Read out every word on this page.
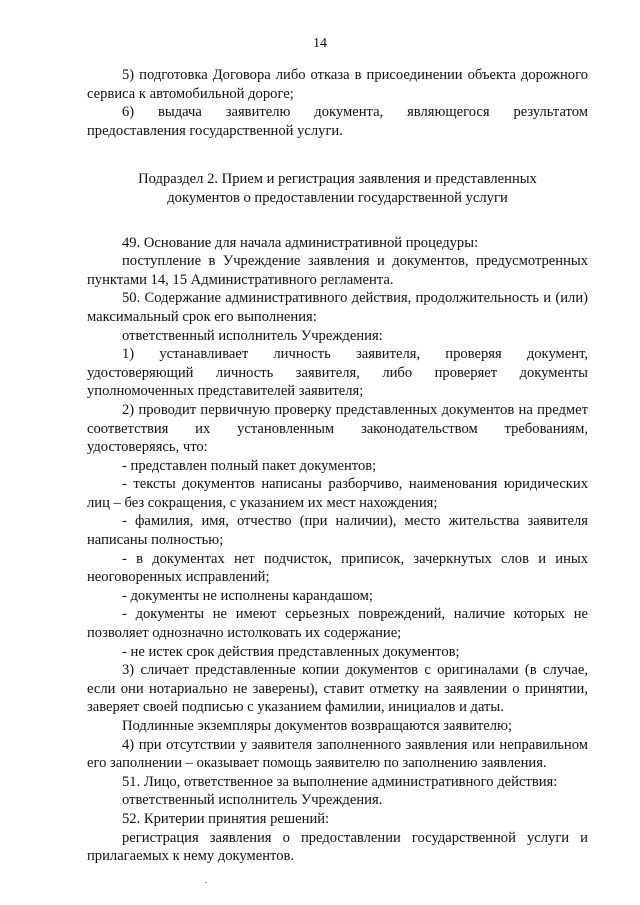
14

5) подготовка Договора либо отказа в присоединении объекта дорожного сервиса к автомобильной дороге;

6) выдача заявителю документа, являющегося результатом предоставления государственной услуги.

Подраздел 2. Прием и регистрация заявления и представленных документов о предоставлении государственной услуги

49. Основание для начала административной процедуры:

поступление в Учреждение заявления и документов, предусмотренных пунктами 14, 15 Административного регламента.

50. Содержание административного действия, продолжительность и (или) максимальный срок его выполнения:

ответственный исполнитель Учреждения:

1) устанавливает личность заявителя, проверяя документ, удостоверяющий личность заявителя, либо проверяет документы уполномоченных представителей заявителя;

2) проводит первичную проверку представленных документов на предмет соответствия их установленным законодательством требованиям, удостоверяясь, что:

- представлен полный пакет документов;

- тексты документов написаны разборчиво, наименования юридических лиц – без сокращения, с указанием их мест нахождения;

- фамилия, имя, отчество (при наличии), место жительства заявителя написаны полностью;

- в документах нет подчисток, приписок, зачеркнутых слов и иных неоговоренных исправлений;

- документы не исполнены карандашом;

- документы не имеют серьезных повреждений, наличие которых не позволяет однозначно истолковать их содержание;

- не истек срок действия представленных документов;

3) сличает представленные копии документов с оригиналами (в случае, если они нотариально не заверены), ставит отметку на заявлении о принятии, заверяет своей подписью с указанием фамилии, инициалов и даты.

Подлинные экземпляры документов возвращаются заявителю;

4) при отсутствии у заявителя заполненного заявления или неправильном его заполнении – оказывает помощь заявителю по заполнению заявления.

51. Лицо, ответственное за выполнение административного действия:

ответственный исполнитель Учреждения.

52. Критерии принятия решений:

регистрация заявления о предоставлении государственной услуги и прилагаемых к нему документов.
